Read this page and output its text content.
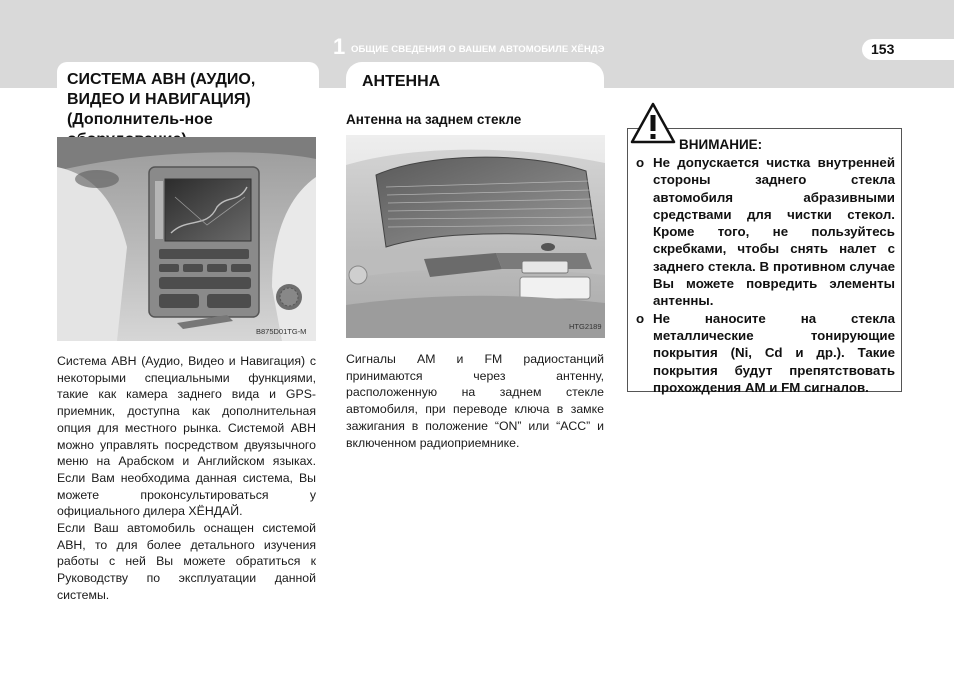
1 ОБЩИЕ СВЕДЕНИЯ О ВАШЕМ АВТОМОБИЛЕ ХЁНДЭ	153
СИСТЕМА АВН (АУДИО, ВИДЕО И НАВИГАЦИЯ) (Дополнитель-ное
АНТЕННА
Антенна на заднем стекле
B875D01TG-M
HTG2189

Система АВН (Аудио, Видео и Навигация) с некоторыми специальными функциями, такие как камера заднего вида и GPS-приемник, доступна как дополнительная опция для местного рынка. Системой АВН можно управлять посредством двуязычного меню на Арабском и Английском языках. Если Вам необходима данная система, Вы можете проконсультироваться у официального дилера ХЁНДАЙ.

Если Ваш автомобиль оснащен системой АВН, то для более детального изучения работы с ней Вы можете обратиться к Руководству по эксплуатации данной системы.

Сигналы AM и FM радиостанций принимаются через антенну, расположенную на заднем стекле автомобиля, при переводе ключа в замке зажигания в положение “ON” или “ACC” и включенном радиоприемнике.

ВНИМАНИЕ:
o Не допускается чистка внутренней стороны заднего стекла автомобиля абразивными средствами для чистки стекол. Кроме того, не пользуйтесь скребками, чтобы снять налет с заднего стекла. В противном случае Вы можете повредить элементы антенны.
o Не наносите на стекла металлические тонирующие покрытия (Ni, Cd и др.). Такие покрытия будут препятствовать прохождения AM и FM сигналов.
